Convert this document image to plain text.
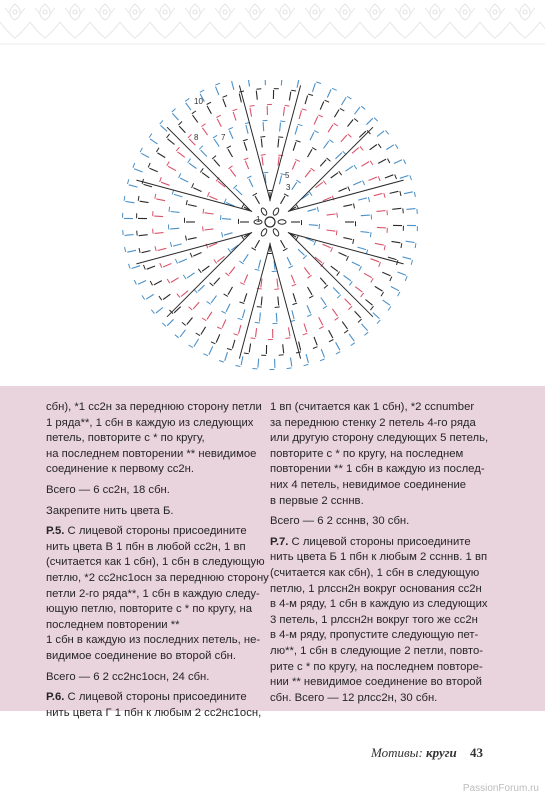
10
8	7
5
3
1

сбн), *1 сс2н за переднюю сторону петли
1 ряда**, 1 сбн в каждую из следующих
петель, повторите с * по кругу,
на последнем повторении ** невидимое
соединение к первому сс2н.

Всего — 6 сс2н, 18 сбн.

Закрепите нить цвета Б.

Р.5. С лицевой стороны присоедините
нить цвета В 1 пбн в любой сс2н, 1 вп
(считается как 1 сбн), 1 сбн в следующую
петлю, *2 сс2нс1осн за переднюю сторону
петли 2-го ряда**, 1 сбн в каждую следу-
ющую петлю, повторите с * по кругу, на
последнем повторении **
1 сбн в каждую из последних петель, не-
видимое соединение во второй сбн.

Всего — 6 2 сс2нс1осн, 24 сбн.

Р.6. С лицевой стороны присоедините
нить цвета Г 1 пбн к любым 2 сс2нс1осн,

1 вп (считается как 1 сбн), *2 ссnumber
за переднюю стенку 2 петель 4-го ряда
или другую сторону следующих 5 петель,
повторите с * по кругу, на последнем
повторении ** 1 сбн в каждую из послед-
них 4 петель, невидимое соединение
в первые 2 ссннв.

Всего — 6 2 ссннв, 30 сбн.

Р.7. С лицевой стороны присоедините
нить цвета Б 1 пбн к любым 2 ссннв. 1 вп
(считается как сбн), 1 сбн в следующую
петлю, 1 рлссн2н вокруг основания сс2н
в 4-м ряду, 1 сбн в каждую из следующих
3 петель, 1 рлссн2н вокруг того же сс2н
в 4-м ряду, пропустите следующую пет-
лю**, 1 сбн в следующие 2 петли, повто-
рите с * по кругу, на последнем повторе-
нии ** невидимое соединение во второй
сбн. Всего — 12 рлсс2н, 30 сбн.

Мотивы: круги 43
PassionForum.ru
